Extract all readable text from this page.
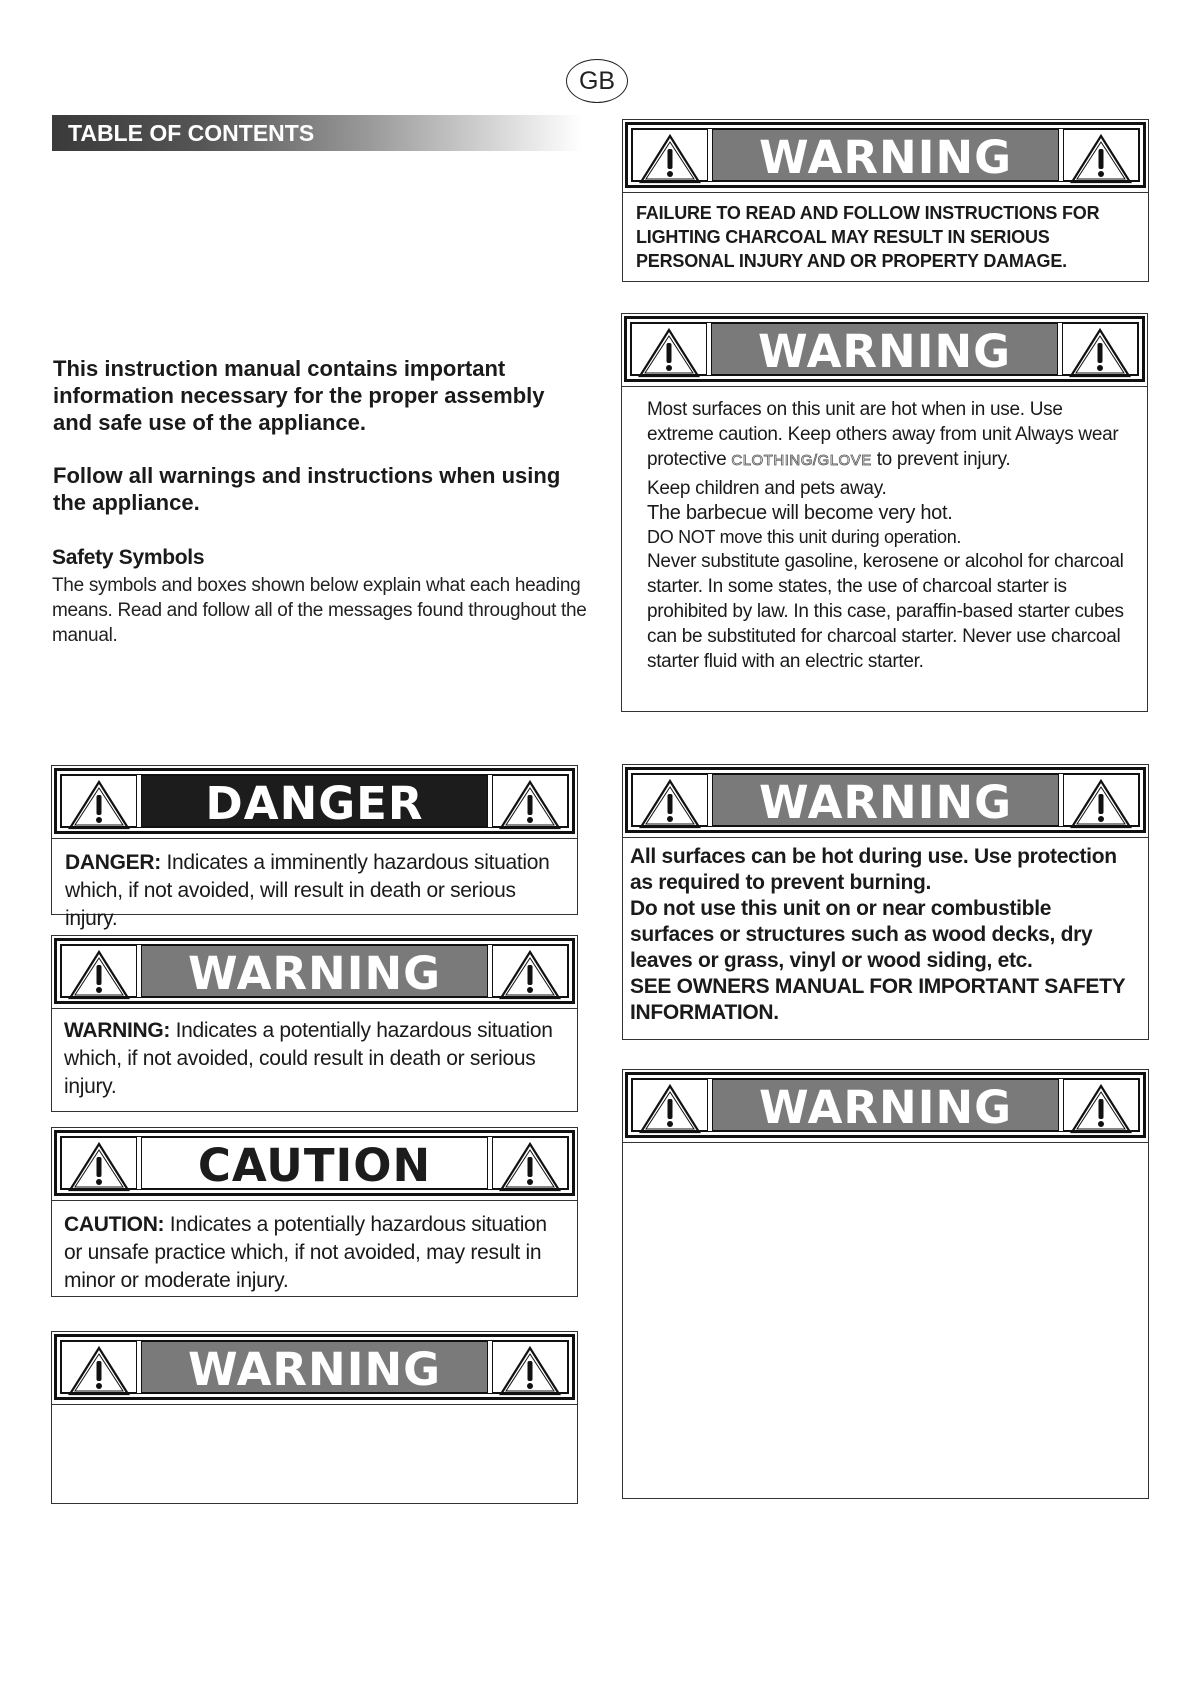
GB
TABLE OF CONTENTS
This instruction manual contains important information necessary for the proper assembly and safe use of the appliance.
Follow all warnings and instructions when using the appliance.
Safety Symbols
The symbols and boxes shown below explain what each heading means. Read and follow all of the messages found throughout the manual.
DANGER
DANGER: Indicates a imminently hazardous situation which, if not avoided, will result in death or serious injury.
WARNING
WARNING: Indicates a potentially hazardous situation which, if not avoided, could result in death or serious injury.
CAUTION
CAUTION: Indicates a potentially hazardous situation or unsafe practice which, if not avoided, may result in minor or moderate injury.
WARNING
WARNING
FAILURE TO READ AND FOLLOW INSTRUCTIONS FOR LIGHTING CHARCOAL MAY RESULT IN SERIOUS PERSONAL INJURY AND OR PROPERTY DAMAGE.
WARNING
Most surfaces on this unit are hot when in use. Use extreme caution. Keep others away from unit Always wear protective CLOTHING/GLOVE to prevent injury.
Keep children and pets away.
The barbecue will become very hot.
DO NOT move this unit during operation.
Never substitute gasoline, kerosene or alcohol for charcoal starter. In some states, the use of charcoal starter is prohibited by law. In this case, paraffin-based starter cubes can be substituted for charcoal starter. Never use charcoal starter fluid with an electric starter.
WARNING
All surfaces can be hot during use. Use protection as required to prevent burning.
Do not use this unit on or near combustible surfaces or structures such as wood decks, dry leaves or grass, vinyl or wood siding, etc.
SEE OWNERS MANUAL FOR IMPORTANT SAFETY INFORMATION.
WARNING
